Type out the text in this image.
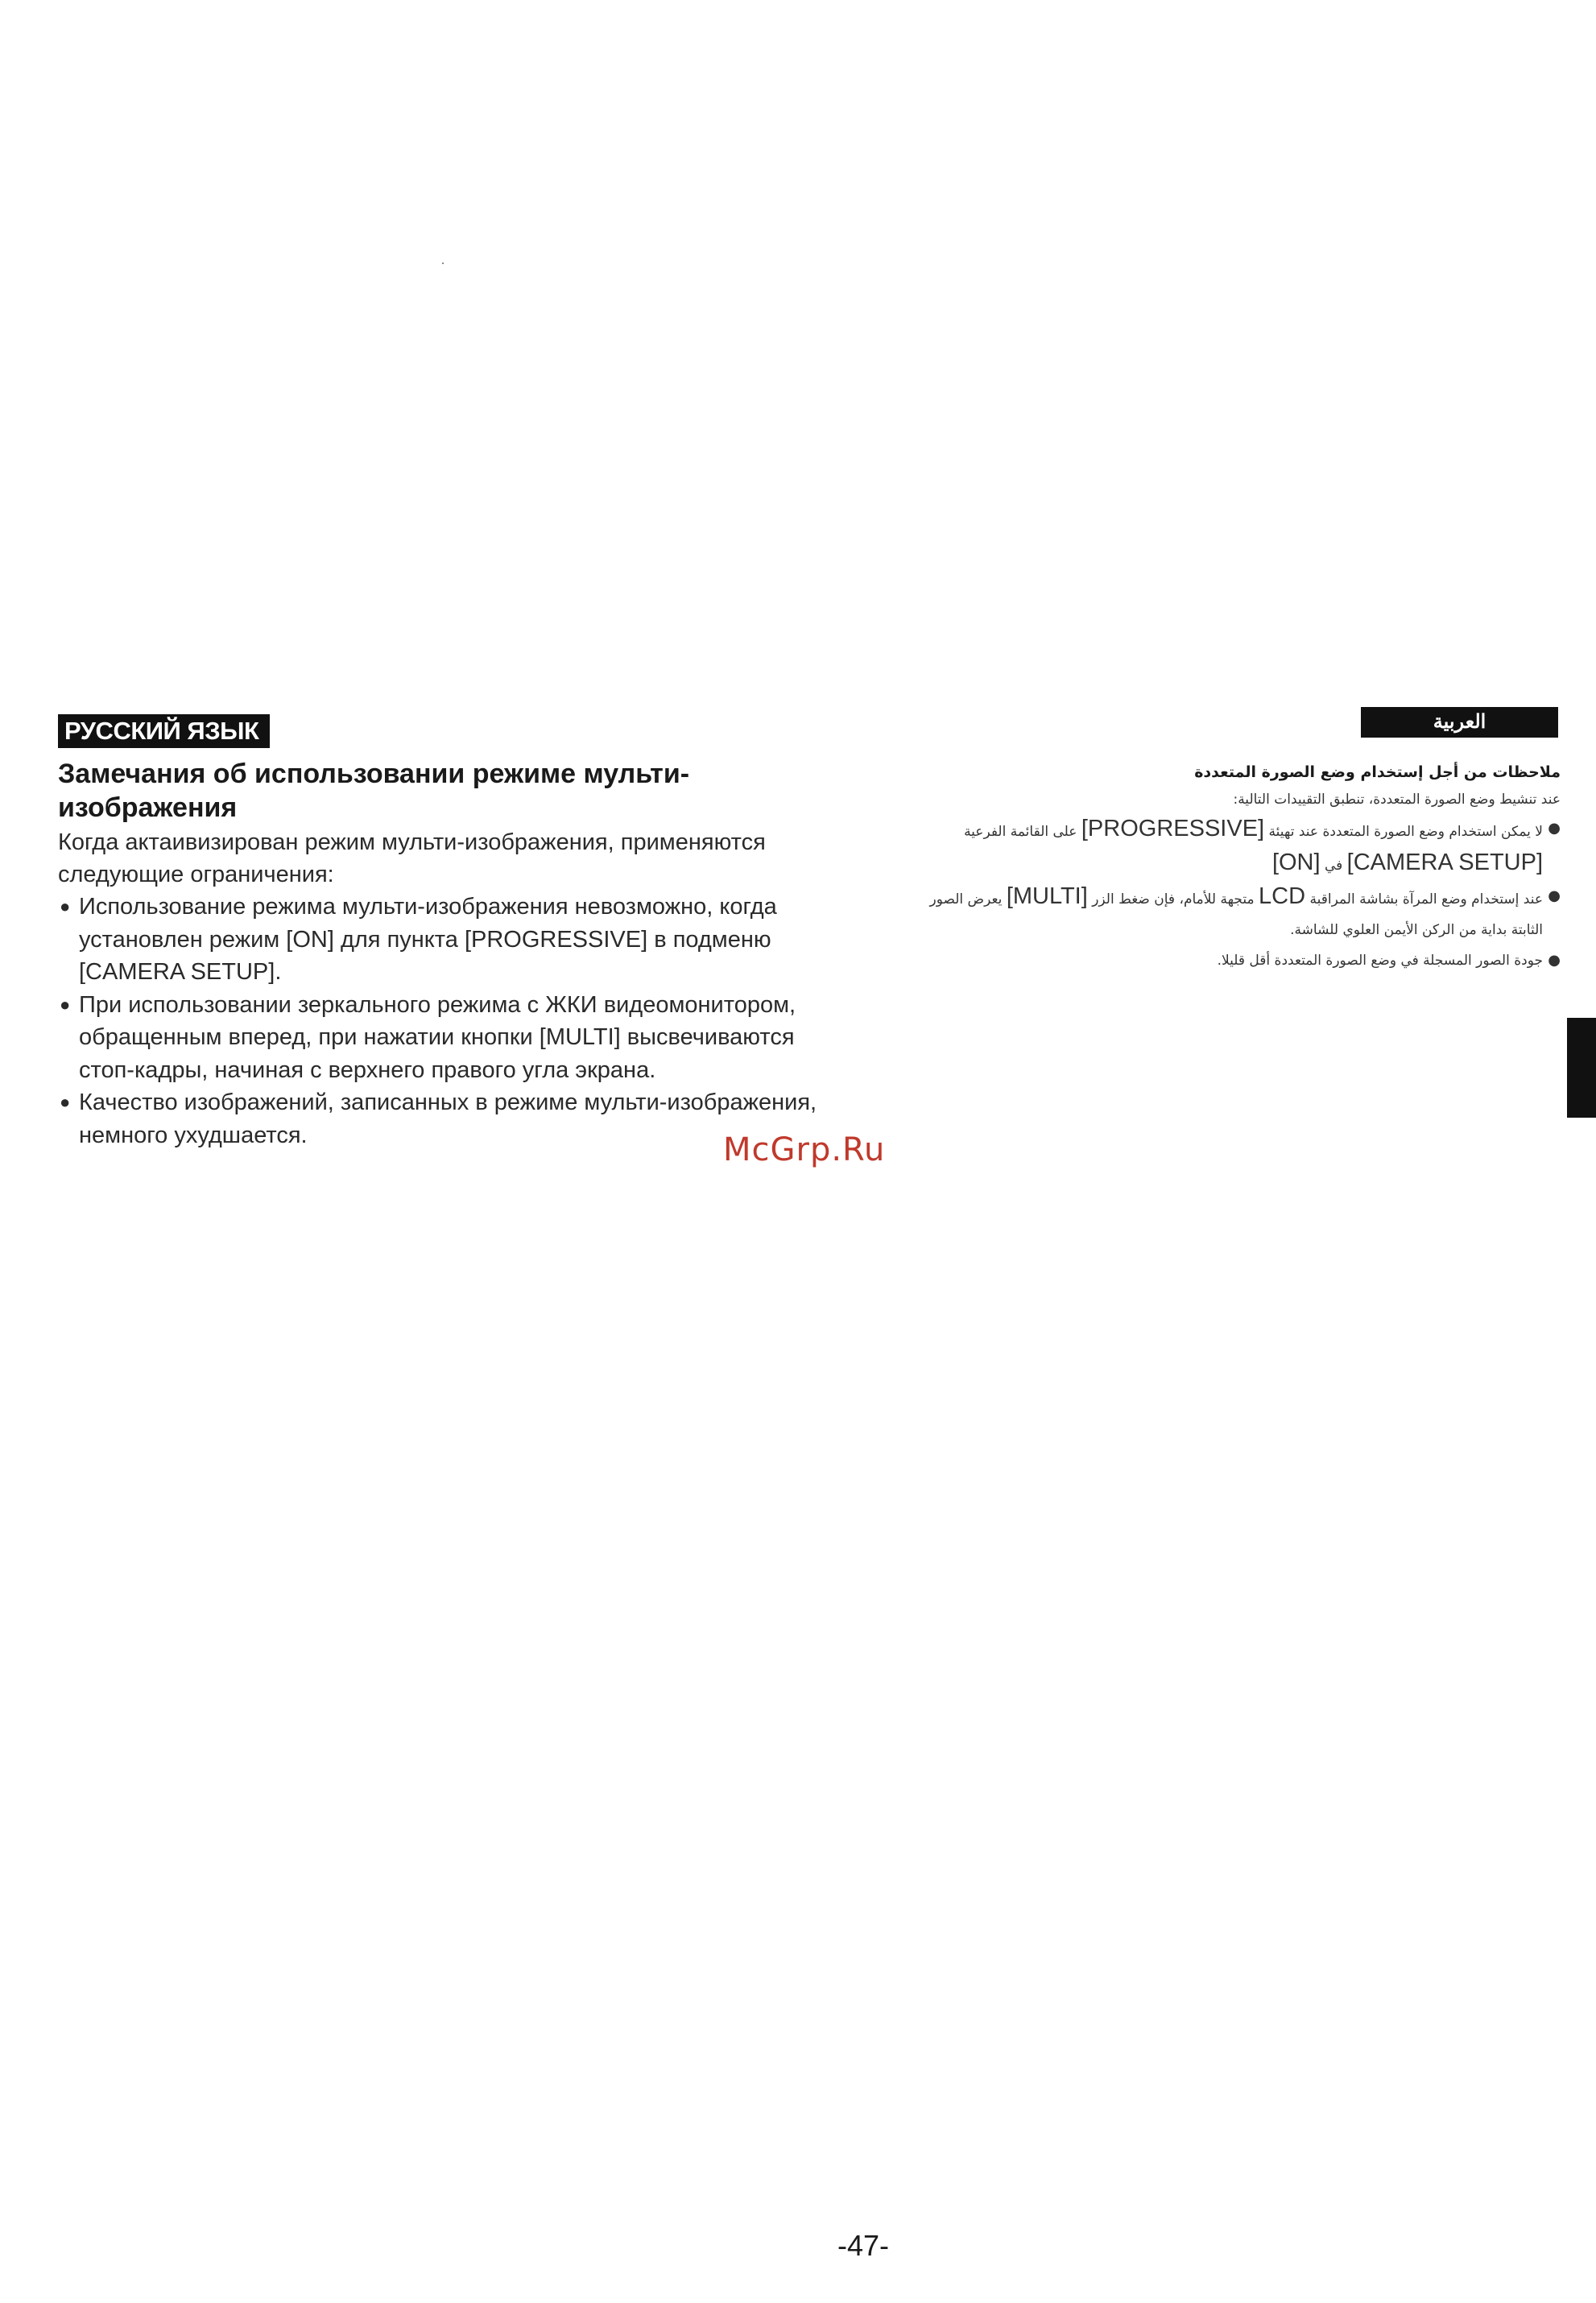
РУССКИЙ ЯЗЫК
Замечания об использовании режиме мульти-изображения

Когда актаивизирован режим мульти-изображения, применяются следующие ограничения:

● Использование режима мульти-изображения невозможно, когда установлен режим [ON] для пункта [PROGRESSIVE] в подменю [CAMERA SETUP].
● При использовании зеркального режима с ЖКИ видеомонитором, обращенным вперед, при нажатии кнопки [MULTI] высвечиваются стоп-кадры, начиная с верхнего правого угла экрана.
● Качество изображений, записанных в режиме мульти-изображения, немного ухудшается.
العربية

ملاحظات من أجل إستخدام وضع الصورة المتعددة

عند تنشيط وضع الصورة المتعددة، تنطبق التقييدات التالية:

●
لا يمكن استخدام وضع الصورة المتعددة عند تهيئة [PROGRESSIVE] على القائمة الفرعية [CAMERA SETUP] في [ON]
●
عند إستخدام وضع المرآة بشاشة المراقبة LCD متجهة للأمام، فإن ضغط الزر [MULTI] يعرض الصور الثابتة بداية من الركن الأيمن العلوي للشاشة.
●
جودة الصور المسجلة في وضع الصورة المتعددة أقل قليلا.
McGrp.Ru
-47-
